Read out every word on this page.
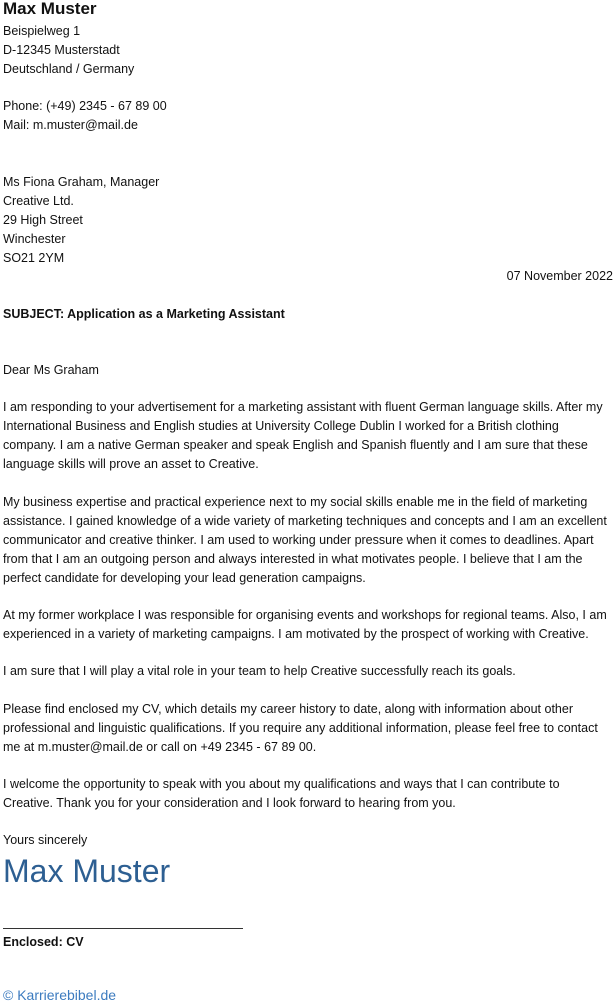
Max Muster
Beispielweg 1
D-12345 Musterstadt
Deutschland / Germany
Phone: (+49) 2345 - 67 89 00
Mail: m.muster@mail.de
Ms Fiona Graham, Manager
Creative Ltd.
29 High Street
Winchester
SO21 2YM

07 November 2022

SUBJECT: Application as a Marketing Assistant

Dear Ms Graham

I am responding to your advertisement for a marketing assistant with fluent German language skills. After my International Business and English studies at University College Dublin I worked for a British clothing company. I am a native German speaker and speak English and Spanish fluently and I am sure that these language skills will prove an asset to Creative.

My business expertise and practical experience next to my social skills enable me in the field of marketing assistance. I gained knowledge of a wide variety of marketing techniques and concepts and I am an excellent communicator and creative thinker. I am used to working under pressure when it comes to deadlines. Apart from that I am an outgoing person and always interested in what motivates people. I believe that I am the perfect candidate for developing your lead generation campaigns.

At my former workplace I was responsible for organising events and workshops for regional teams. Also, I am experienced in a variety of marketing campaigns. I am motivated by the prospect of working with Creative.

I am sure that I will play a vital role in your team to help Creative successfully reach its goals.

Please find enclosed my CV, which details my career history to date, along with information about other professional and linguistic qualifications. If you require any additional information, please feel free to contact me at m.muster@mail.de or call on +49 2345 - 67 89 00.

I welcome the opportunity to speak with you about my qualifications and ways that I can contribute to Creative. Thank you for your consideration and I look forward to hearing from you.

Yours sincerely

Max Muster

Enclosed: CV

© Karrierebibel.de
